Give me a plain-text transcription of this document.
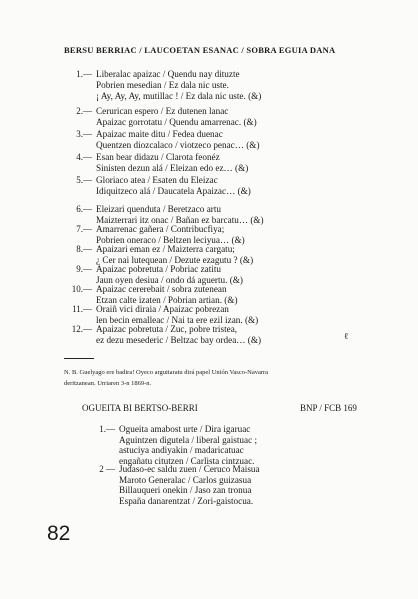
BERSU BERRIAC / LAUCOETAN ESANAC / SOBRA EGUIA DANA
1.— Liberalac apaizac / Quendu nay dituzte
Pobrien mesedian / Ez dala nic uste.
¡ Ay, Ay, Ay, mutillac ! / Ez dala nic uste. (&)
2.— Cerurican espero / Ez dutenen lanac
Apaizac gorrotatu / Quendu amarrenac. (&)
3.— Apaizac maite ditu / Fedea duenac
Quentzen diozcalaco / viotzeco penac… (&)
4.— Esan bear didazu / Clarota feonéz
Sinisten dezun alá / Eleizan edo ez… (&)
5.— Gloriaco atea / Esaten du Eleizac
Idiquitzeco alá / Daucatela Apaizac… (&)
6.— Eleizari quenduta / Beretzaco artu
Maizterrari itz onac / Bañan ez barcatu… (&)
7.— Amarrenac gañera / Contribucfiya;
Pobrien oneraco / Beltzen leciyua… (&)
8.— Apaizari eman ez / Maizterra cargatu;
¿ Cer nai lutequean / Dezute ezagutu ? (&)
9.— Apaizac pobretuta / Pobriac zatitu
Jaun oyen desiua / ondo dá aguertu. (&)
10.— Apaizac cererebait / sobra zutenean
Etzan calte izaten / Pobrian artian. (&)
11.— Oraiñ vici diraia / Apaizac pobrezan
len becin emalleac / Nai ta ere ezil izan. (&)
12.— Apaizac pobretuta / Zuc, pobre tristea,
ez dezu mesederic / Beltzac bay ordea… (&)	ℓ
N. B. Guelyago ere badira! Oyeco arguitaratu dirá papel Unión Vasco-Navarra
deritzanean. Urriaren 3-n 1869-n.
OGUEITA BI BERTSO-BERRI	BNP / FCB 169
1.— Ogueita amabost urte / Dira igaruac
Aguintzen digutela / liberal gaistuac ;
astuciya andiyakin / madaricatuac
engañatu citutzen / Carlista cintzuac.
2 — Judaso-ec saldu zuen / Ceruco Maisua
Maroto Generalac / Carlos guizasua
Billauqueri onekin / Jaso zan tronua
España danarentzat / Zori-gaistocua.
82
